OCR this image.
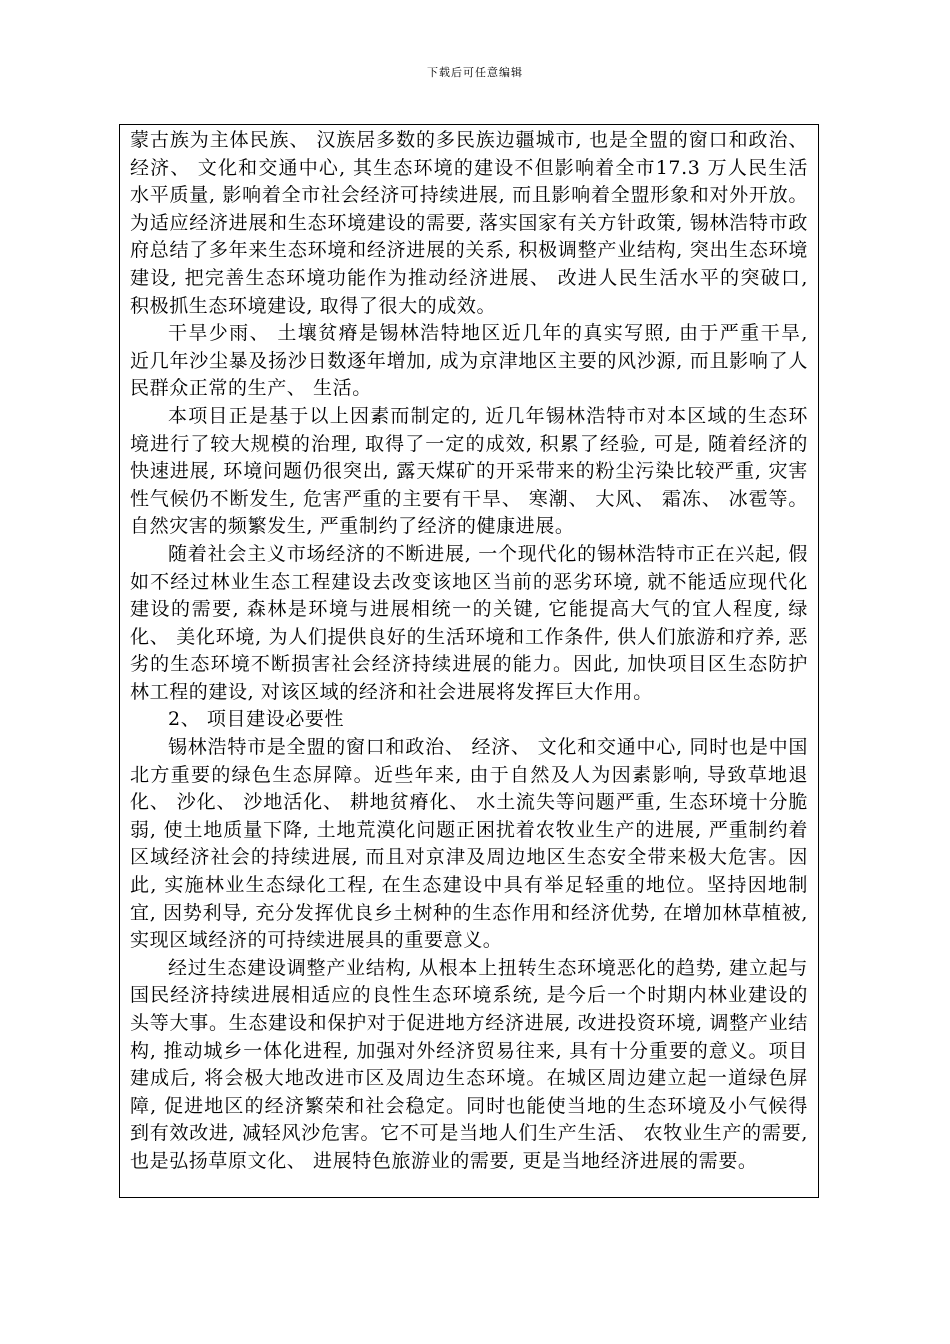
下载后可任意编辑

蒙古族为主体民族、 汉族居多数的多民族边疆城市, 也是全盟的窗口和政治、 经济、 文化和交通中心, 其生态环境的建设不但影响着全市17.3 万人民生活水平质量, 影响着全市社会经济可持续进展, 而且影响着全盟形象和对外开放。为适应经济进展和生态环境建设的需要, 落实国家有关方针政策, 锡林浩特市政府总结了多年来生态环境和经济进展的关系, 积极调整产业结构, 突出生态环境建设, 把完善生态环境功能作为推动经济进展、 改进人民生活水平的突破口, 积极抓生态环境建设, 取得了很大的成效。

干旱少雨、 土壤贫瘠是锡林浩特地区近几年的真实写照, 由于严重干旱, 近几年沙尘暴及扬沙日数逐年增加, 成为京津地区主要的风沙源, 而且影响了人民群众正常的生产、 生活。

本项目正是基于以上因素而制定的, 近几年锡林浩特市对本区域的生态环境进行了较大规模的治理, 取得了一定的成效, 积累了经验, 可是, 随着经济的快速进展, 环境问题仍很突出, 露天煤矿的开采带来的粉尘污染比较严重, 灾害性气候仍不断发生, 危害严重的主要有干旱、 寒潮、 大风、 霜冻、 冰雹等。自然灾害的频繁发生, 严重制约了经济的健康进展。

随着社会主义市场经济的不断进展, 一个现代化的锡林浩特市正在兴起, 假如不经过林业生态工程建设去改变该地区当前的恶劣环境, 就不能适应现代化建设的需要, 森林是环境与进展相统一的关键, 它能提高大气的宜人程度, 绿化、 美化环境, 为人们提供良好的生活环境和工作条件, 供人们旅游和疗养, 恶劣的生态环境不断损害社会经济持续进展的能力。因此, 加快项目区生态防护林工程的建设, 对该区域的经济和社会进展将发挥巨大作用。

2、 项目建设必要性

锡林浩特市是全盟的窗口和政治、 经济、 文化和交通中心, 同时也是中国北方重要的绿色生态屏障。近些年来, 由于自然及人为因素影响, 导致草地退化、 沙化、 沙地活化、 耕地贫瘠化、 水土流失等问题严重, 生态环境十分脆弱, 使土地质量下降, 土地荒漠化问题正困扰着农牧业生产的进展, 严重制约着区域经济社会的持续进展, 而且对京津及周边地区生态安全带来极大危害。因此, 实施林业生态绿化工程, 在生态建设中具有举足轻重的地位。坚持因地制宜, 因势利导, 充分发挥优良乡土树种的生态作用和经济优势, 在增加林草植被, 实现区域经济的可持续进展具的重要意义。

经过生态建设调整产业结构, 从根本上扭转生态环境恶化的趋势, 建立起与国民经济持续进展相适应的良性生态环境系统, 是今后一个时期内林业建设的头等大事。生态建设和保护对于促进地方经济进展, 改进投资环境, 调整产业结构, 推动城乡一体化进程, 加强对外经济贸易往来, 具有十分重要的意义。项目建成后, 将会极大地改进市区及周边生态环境。在城区周边建立起一道绿色屏障, 促进地区的经济繁荣和社会稳定。同时也能使当地的生态环境及小气候得到有效改进, 减轻风沙危害。它不可是当地人们生产生活、 农牧业生产的需要, 也是弘扬草原文化、 进展特色旅游业的需要, 更是当地经济进展的需要。
